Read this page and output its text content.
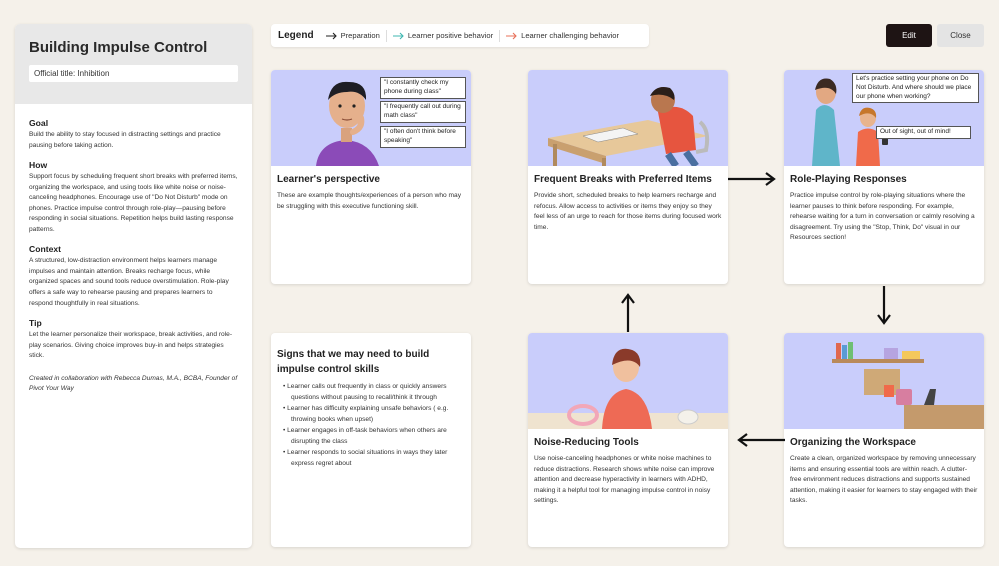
Building Impulse Control
Official title: Inhibition
Goal
Build the ability to stay focused in distracting settings and practice pausing before taking action.
How
Support focus by scheduling frequent short breaks with preferred items, organizing the workspace, and using tools like white noise or noise-canceling headphones. Encourage use of "Do Not Disturb" mode on phones. Practice impulse control through role-play—pausing before responding in social situations. Repetition helps build lasting response patterns.
Context
A structured, low-distraction environment helps learners manage impulses and maintain attention. Breaks recharge focus, while organized spaces and sound tools reduce overstimulation. Role-play offers a safe way to rehearse pausing and prepares learners to respond thoughtfully in real situations.
Tip
Let the learner personalize their workspace, break activities, and role-play scenarios. Giving choice improves buy-in and helps strategies stick.
Created in collaboration with Rebecca Dumas, M.A., BCBA, Founder of Pivot Your Way
Legend	Preparation	Learner positive behavior	Learner challenging behavior	Edit	Close
"I constantly check my phone during class"
"I frequently call out during math class"
"I often don't think before speaking"
Learner's perspective
These are example thoughts/experiences of a person who may be struggling with this executive functioning skill.
Frequent Breaks with Preferred Items
Provide short, scheduled breaks to help learners recharge and refocus. Allow access to activities or items they enjoy so they feel less of an urge to reach for those items during focused work time.
Let's practice setting your phone on Do Not Disturb. And where should we place our phone when working?
Out of sight, out of mind!
Role-Playing Responses
Practice impulse control by role-playing situations where the learner pauses to think before responding. For example, rehearse waiting for a turn in conversation or calmly resolving a disagreement. Try using the "Stop, Think, Do" visual in our Resources section!
Signs that we may need to build impulse control skills
• Learner calls out frequently in class or quickly answers questions without pausing to recall/think it through
• Learner has difficulty explaining unsafe behaviors ( e.g. throwing books when upset)
• Learner engages in off-task behaviors when others are disrupting the class
• Learner responds to social situations in ways they later express regret about
Noise-Reducing Tools
Use noise-canceling headphones or white noise machines to reduce distractions. Research shows white noise can improve attention and decrease hyperactivity in learners with ADHD, making it a helpful tool for managing impulse control in noisy settings.
Organizing the Workspace
Create a clean, organized workspace by removing unnecessary items and ensuring essential tools are within reach. A clutter-free environment reduces distractions and supports sustained attention, making it easier for learners to stay engaged with their tasks.
